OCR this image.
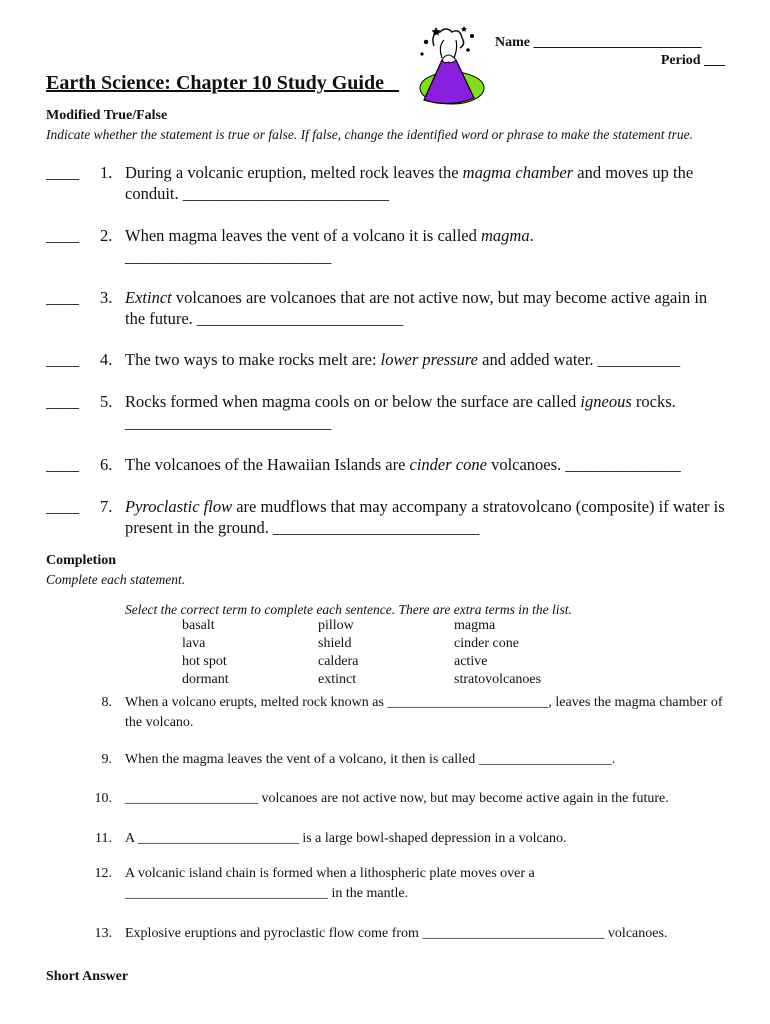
Name ________________________
Period ___
Earth Science: Chapter 10 Study Guide _
Modified True/False
Indicate whether the statement is true or false. If false, change the identified word or phrase to make the statement true.
____ 1. During a volcanic eruption, melted rock leaves the magma chamber and moves up the conduit. _________________________
____ 2. When magma leaves the vent of a volcano it is called magma. _________________________
____ 3. Extinct volcanoes are volcanoes that are not active now, but may become active again in the future. _________________________
____ 4. The two ways to make rocks melt are: lower pressure and added water. __________
____ 5. Rocks formed when magma cools on or below the surface are called igneous rocks. _________________________
____ 6. The volcanoes of the Hawaiian Islands are cinder cone volcanoes. ______________
____ 7. Pyroclastic flow are mudflows that may accompany a stratovolcano (composite) if water is present in the ground. _________________________
Completion
Complete each statement.
Select the correct term to complete each sentence. There are extra terms in the list.
basalt
lava
hot spot
dormant
pillow
shield
caldera
extinct
magma
cinder cone
active
stratovolcanoes
8. When a volcano erupts, melted rock known as _______________________, leaves the magma chamber of the volcano.
9. When the magma leaves the vent of a volcano, it then is called ___________________.
10. ___________________ volcanoes are not active now, but may become active again in the future.
11. A _______________________ is a large bowl-shaped depression in a volcano.
12. A volcanic island chain is formed when a lithospheric plate moves over a _____________________________ in the mantle.
13. Explosive eruptions and pyroclastic flow come from __________________________ volcanoes.
Short Answer
